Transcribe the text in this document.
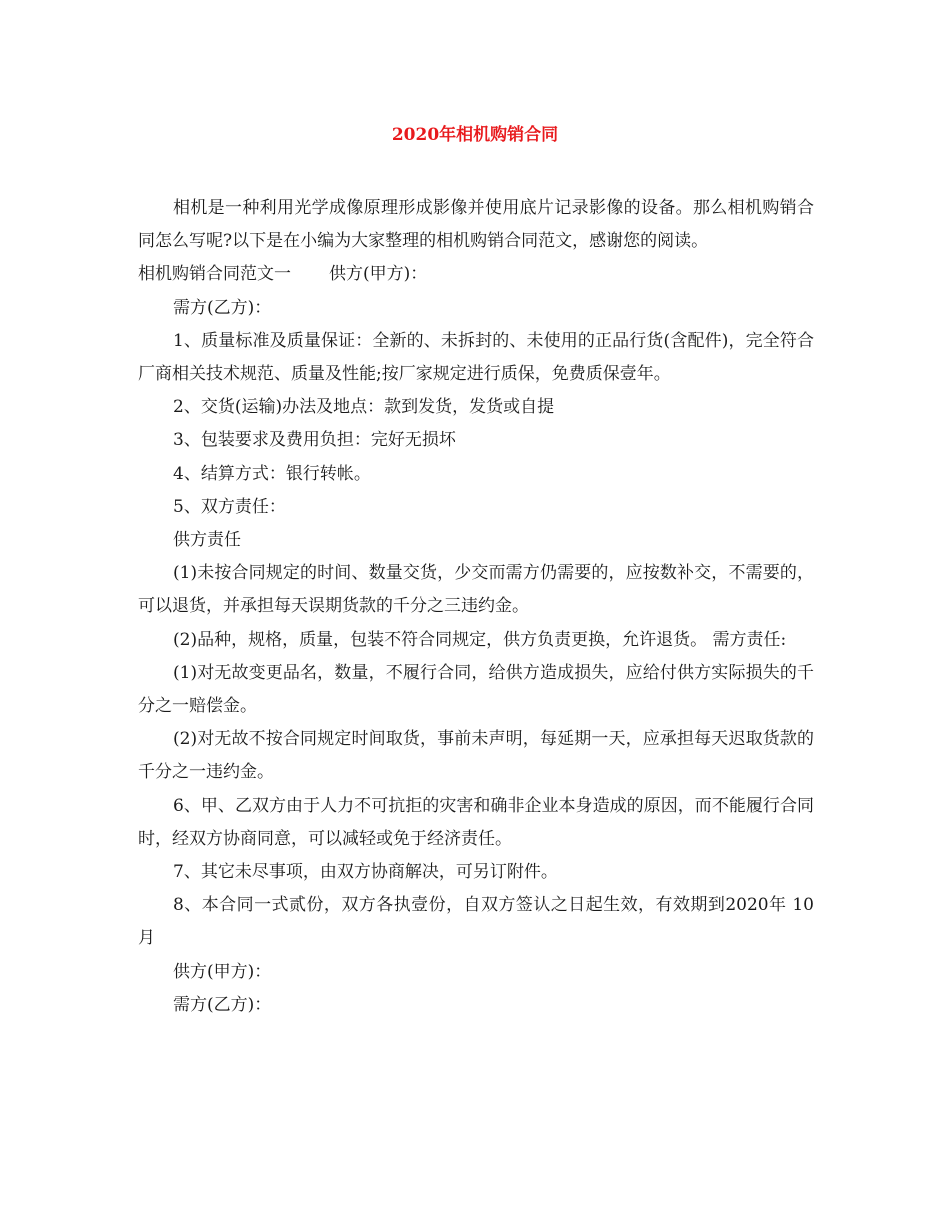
2020年相机购销合同

相机是一种利用光学成像原理形成影像并使用底片记录影像的设备。那么相机购销合同怎么写呢?以下是在小编为大家整理的相机购销合同范文，感谢您的阅读。

相机购销合同范文一 供方(甲方)：

需方(乙方)：

1、质量标准及质量保证：全新的、未拆封的、未使用的正品行货(含配件)，完全符合厂商相关技术规范、质量及性能;按厂家规定进行质保，免费质保壹年。

2、交货(运输)办法及地点：款到发货，发货或自提

3、包装要求及费用负担：完好无损坏

4、结算方式：银行转帐。

5、双方责任：

供方责任

(1)未按合同规定的时间、数量交货，少交而需方仍需要的，应按数补交，不需要的，可以退货，并承担每天误期货款的千分之三违约金。

(2)品种，规格，质量，包装不符合同规定，供方负责更换，允许退货。 需方责任:

(1)对无故变更品名，数量，不履行合同，给供方造成损失，应给付供方实际损失的千分之一赔偿金。

(2)对无故不按合同规定时间取货，事前未声明，每延期一天，应承担每天迟取货款的千分之一违约金。

6、甲、乙双方由于人力不可抗拒的灾害和确非企业本身造成的原因，而不能履行合同时，经双方协商同意，可以减轻或免于经济责任。

7、其它未尽事项，由双方协商解决，可另订附件。

8、本合同一式贰份，双方各执壹份，自双方签认之日起生效，有效期到2020年 10 月

供方(甲方)：

需方(乙方)：
